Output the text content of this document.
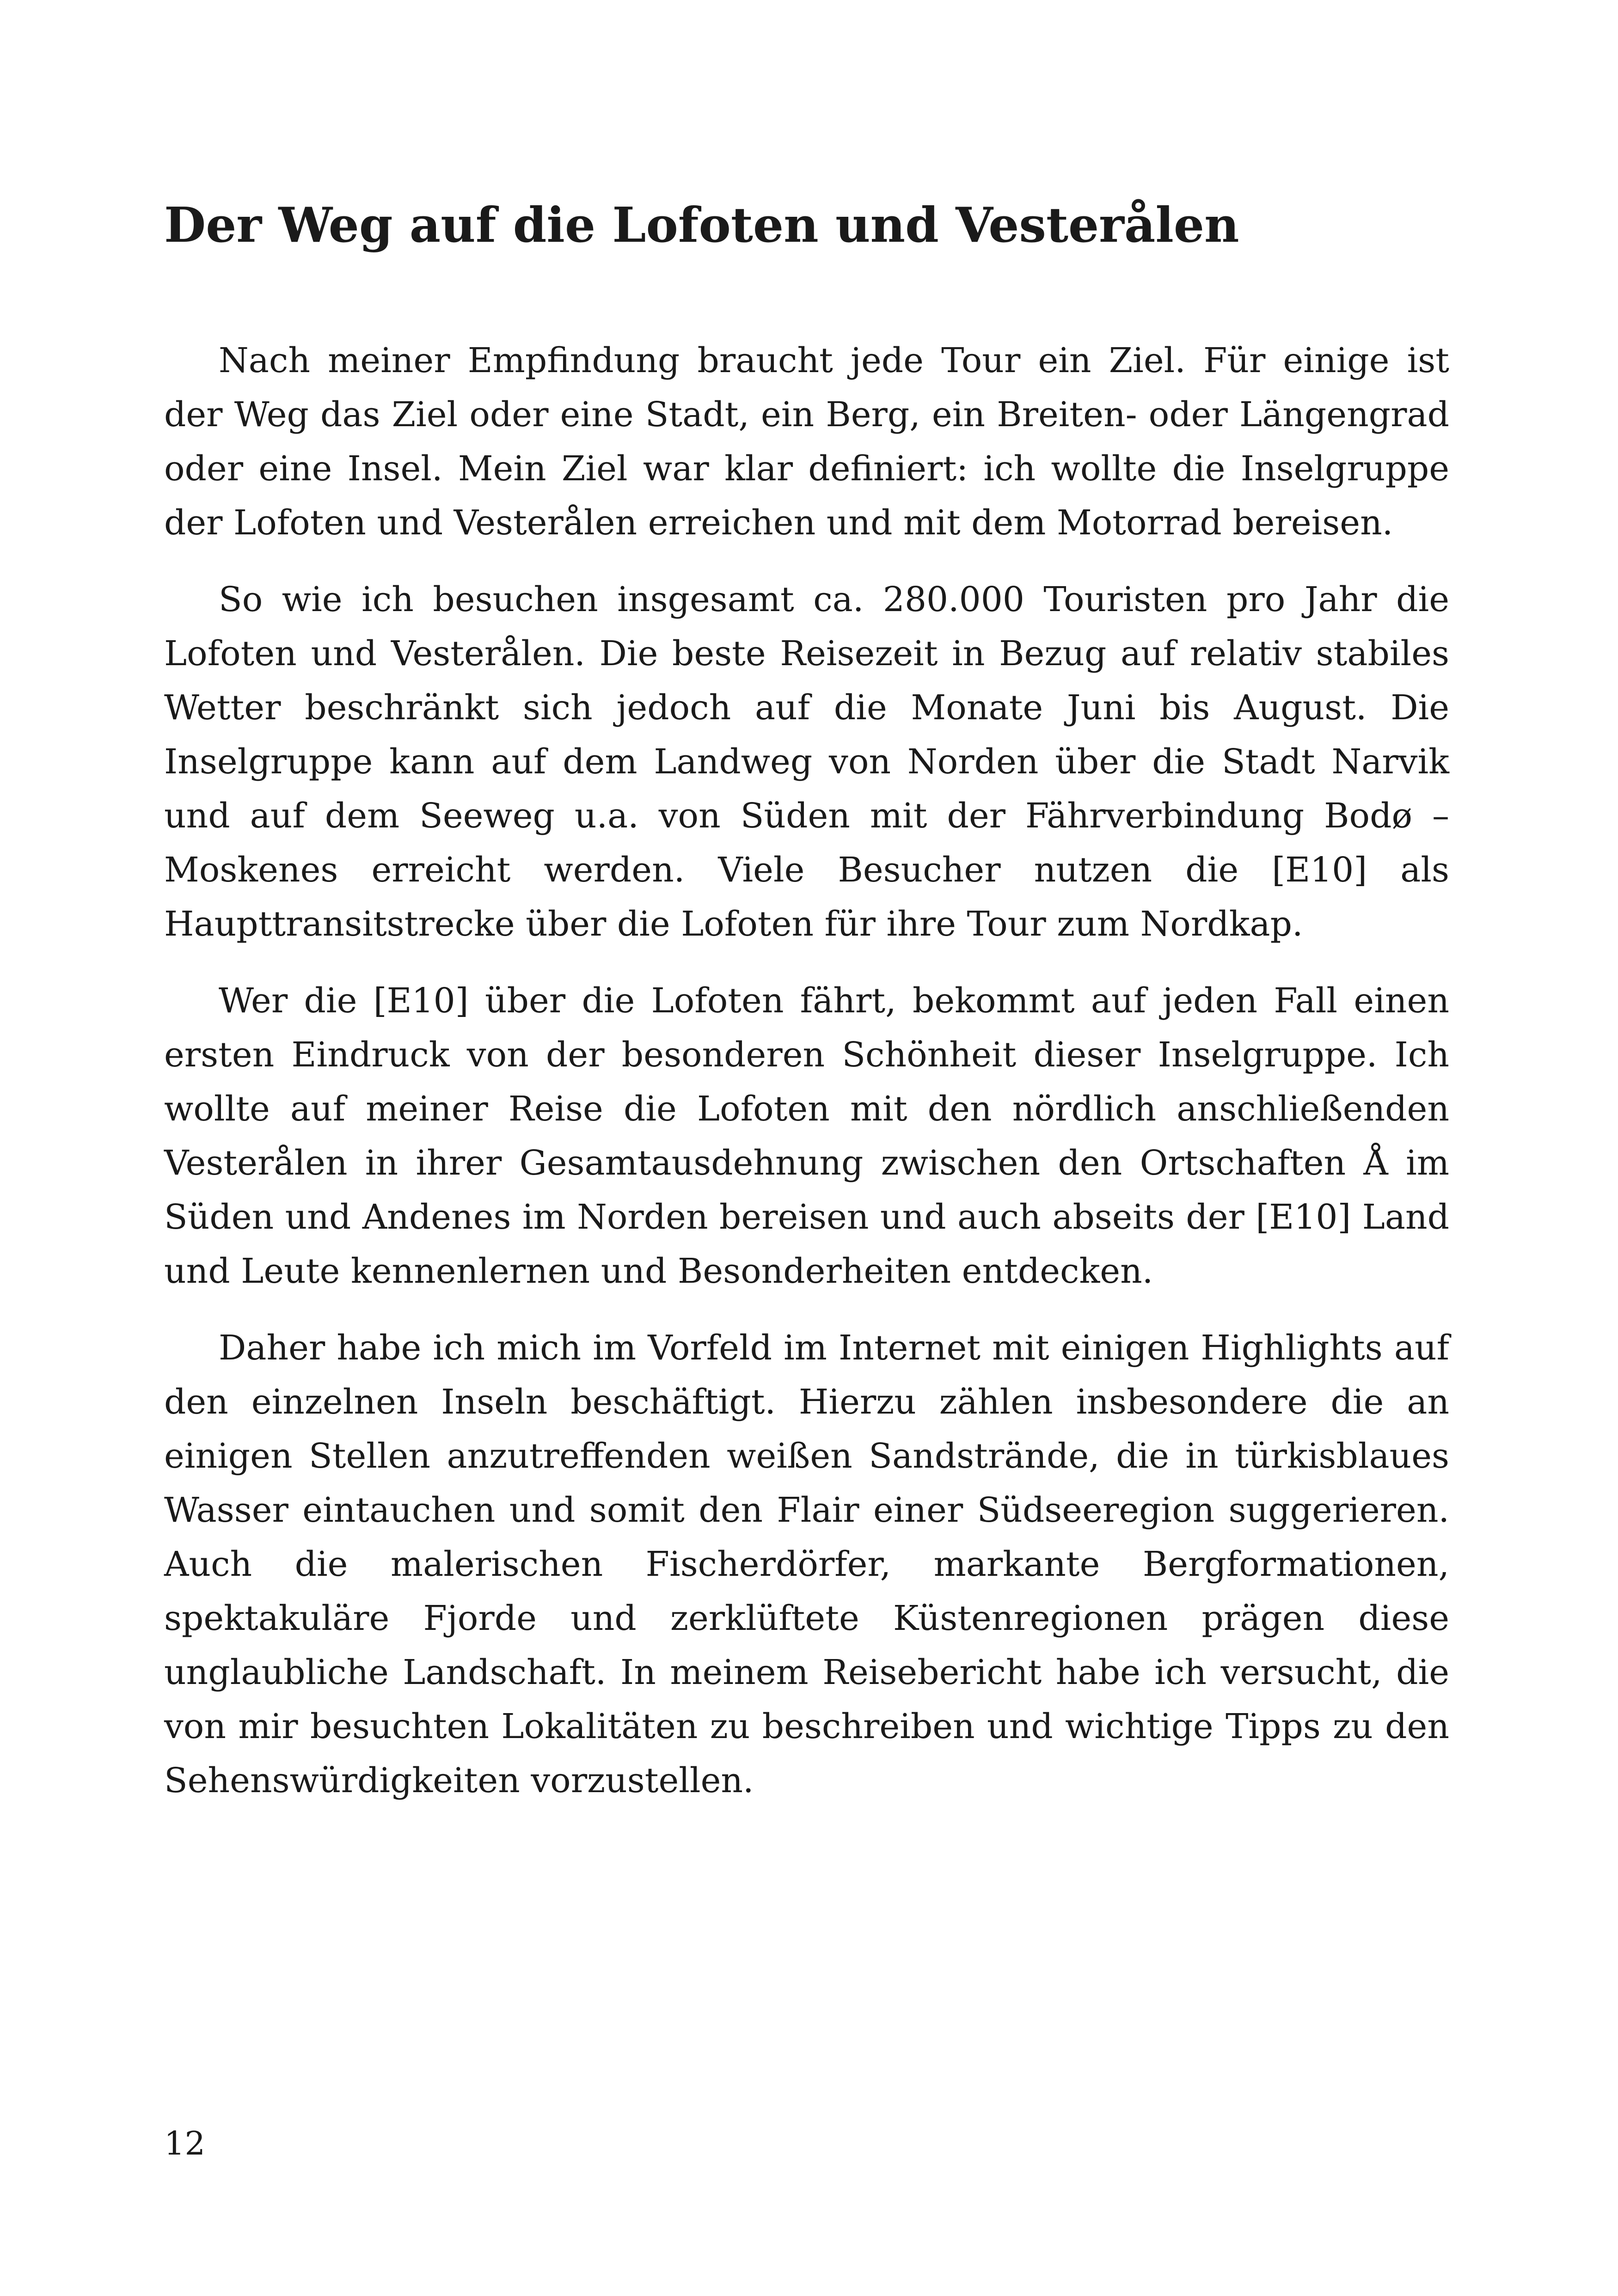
Der Weg auf die Lofoten und Vesterålen

Nach meiner Empfindung braucht jede Tour ein Ziel. Für einige ist der Weg das Ziel oder eine Stadt, ein Berg, ein Breiten- oder Längengrad oder eine Insel. Mein Ziel war klar definiert: ich wollte die Inselgruppe der Lofoten und Vesterålen erreichen und mit dem Motorrad bereisen.

So wie ich besuchen insgesamt ca. 280.000 Touristen pro Jahr die Lofoten und Vesterålen. Die beste Reisezeit in Bezug auf relativ stabiles Wetter beschränkt sich jedoch auf die Monate Juni bis August. Die Inselgruppe kann auf dem Landweg von Norden über die Stadt Narvik und auf dem Seeweg u.a. von Süden mit der Fährverbindung Bodø – Moskenes erreicht werden. Viele Besucher nutzen die [E10] als Haupttransitstrecke über die Lofoten für ihre Tour zum Nordkap.

Wer die [E10] über die Lofoten fährt, bekommt auf jeden Fall einen ersten Eindruck von der besonderen Schönheit dieser Inselgruppe. Ich wollte auf meiner Reise die Lofoten mit den nördlich anschließenden Vesterålen in ihrer Gesamtausdehnung zwischen den Ortschaften Å im Süden und Andenes im Norden bereisen und auch abseits der [E10] Land und Leute kennenlernen und Besonderheiten entdecken.

Daher habe ich mich im Vorfeld im Internet mit einigen Highlights auf den einzelnen Inseln beschäftigt. Hierzu zählen insbesondere die an einigen Stellen anzutreffenden weißen Sandstrände, die in türkisblaues Wasser eintauchen und somit den Flair einer Südseeregion suggerieren. Auch die malerischen Fischerdörfer, markante Bergformationen, spektakuläre Fjorde und zerklüftete Küstenregionen prägen diese unglaubliche Landschaft. In meinem Reisebericht habe ich versucht, die von mir besuchten Lokalitäten zu beschreiben und wichtige Tipps zu den Sehenswürdigkeiten vorzustellen.

12
